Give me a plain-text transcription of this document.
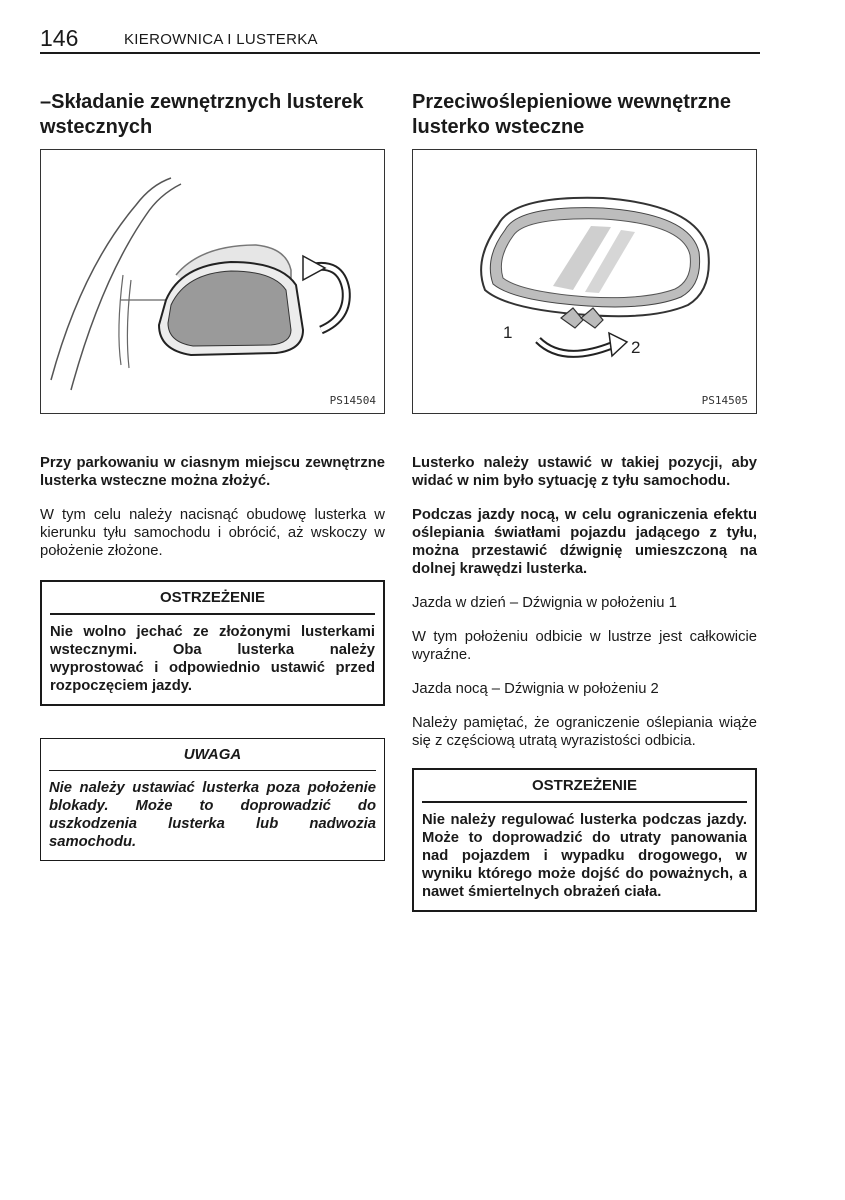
146	KIEROWNICA I LUSTERKA
–Składanie zewnętrznych lusterek wstecznych
PS14504

Przy parkowaniu w ciasnym miejscu zewnętrzne lusterka wsteczne można złożyć.

W tym celu należy nacisnąć obudowę lusterka w kierunku tyłu samochodu i obrócić, aż wskoczy w położenie złożone.

OSTRZEŻENIE

Nie wolno jechać ze złożonymi lusterkami wstecznymi. Oba lusterka należy wyprostować i odpowiednio ustawić przed rozpoczęciem jazdy.

UWAGA

Nie należy ustawiać lusterka poza położenie blokady. Może to doprowadzić do uszkodzenia lusterka lub nadwozia samochodu.

Przeciwoślepieniowe wewnętrzne lusterko wsteczne
1
2
PS14505

Lusterko należy ustawić w takiej pozycji, aby widać w nim było sytuację z tyłu samochodu.

Podczas jazdy nocą, w celu ograniczenia efektu oślepiania światłami pojazdu jadącego z tyłu, można przestawić dźwignię umieszczoną na dolnej krawędzi lusterka.

Jazda w dzień – Dźwignia w położeniu 1

W tym położeniu odbicie w lustrze jest całkowicie wyraźne.

Jazda nocą – Dźwignia w położeniu 2

Należy pamiętać, że ograniczenie oślepiania wiąże się z częściową utratą wyrazistości odbicia.

OSTRZEŻENIE

Nie należy regulować lusterka podczas jazdy. Może to doprowadzić do utraty panowania nad pojazdem i wypadku drogowego, w wyniku którego może dojść do poważnych, a nawet śmiertelnych obrażeń ciała.
